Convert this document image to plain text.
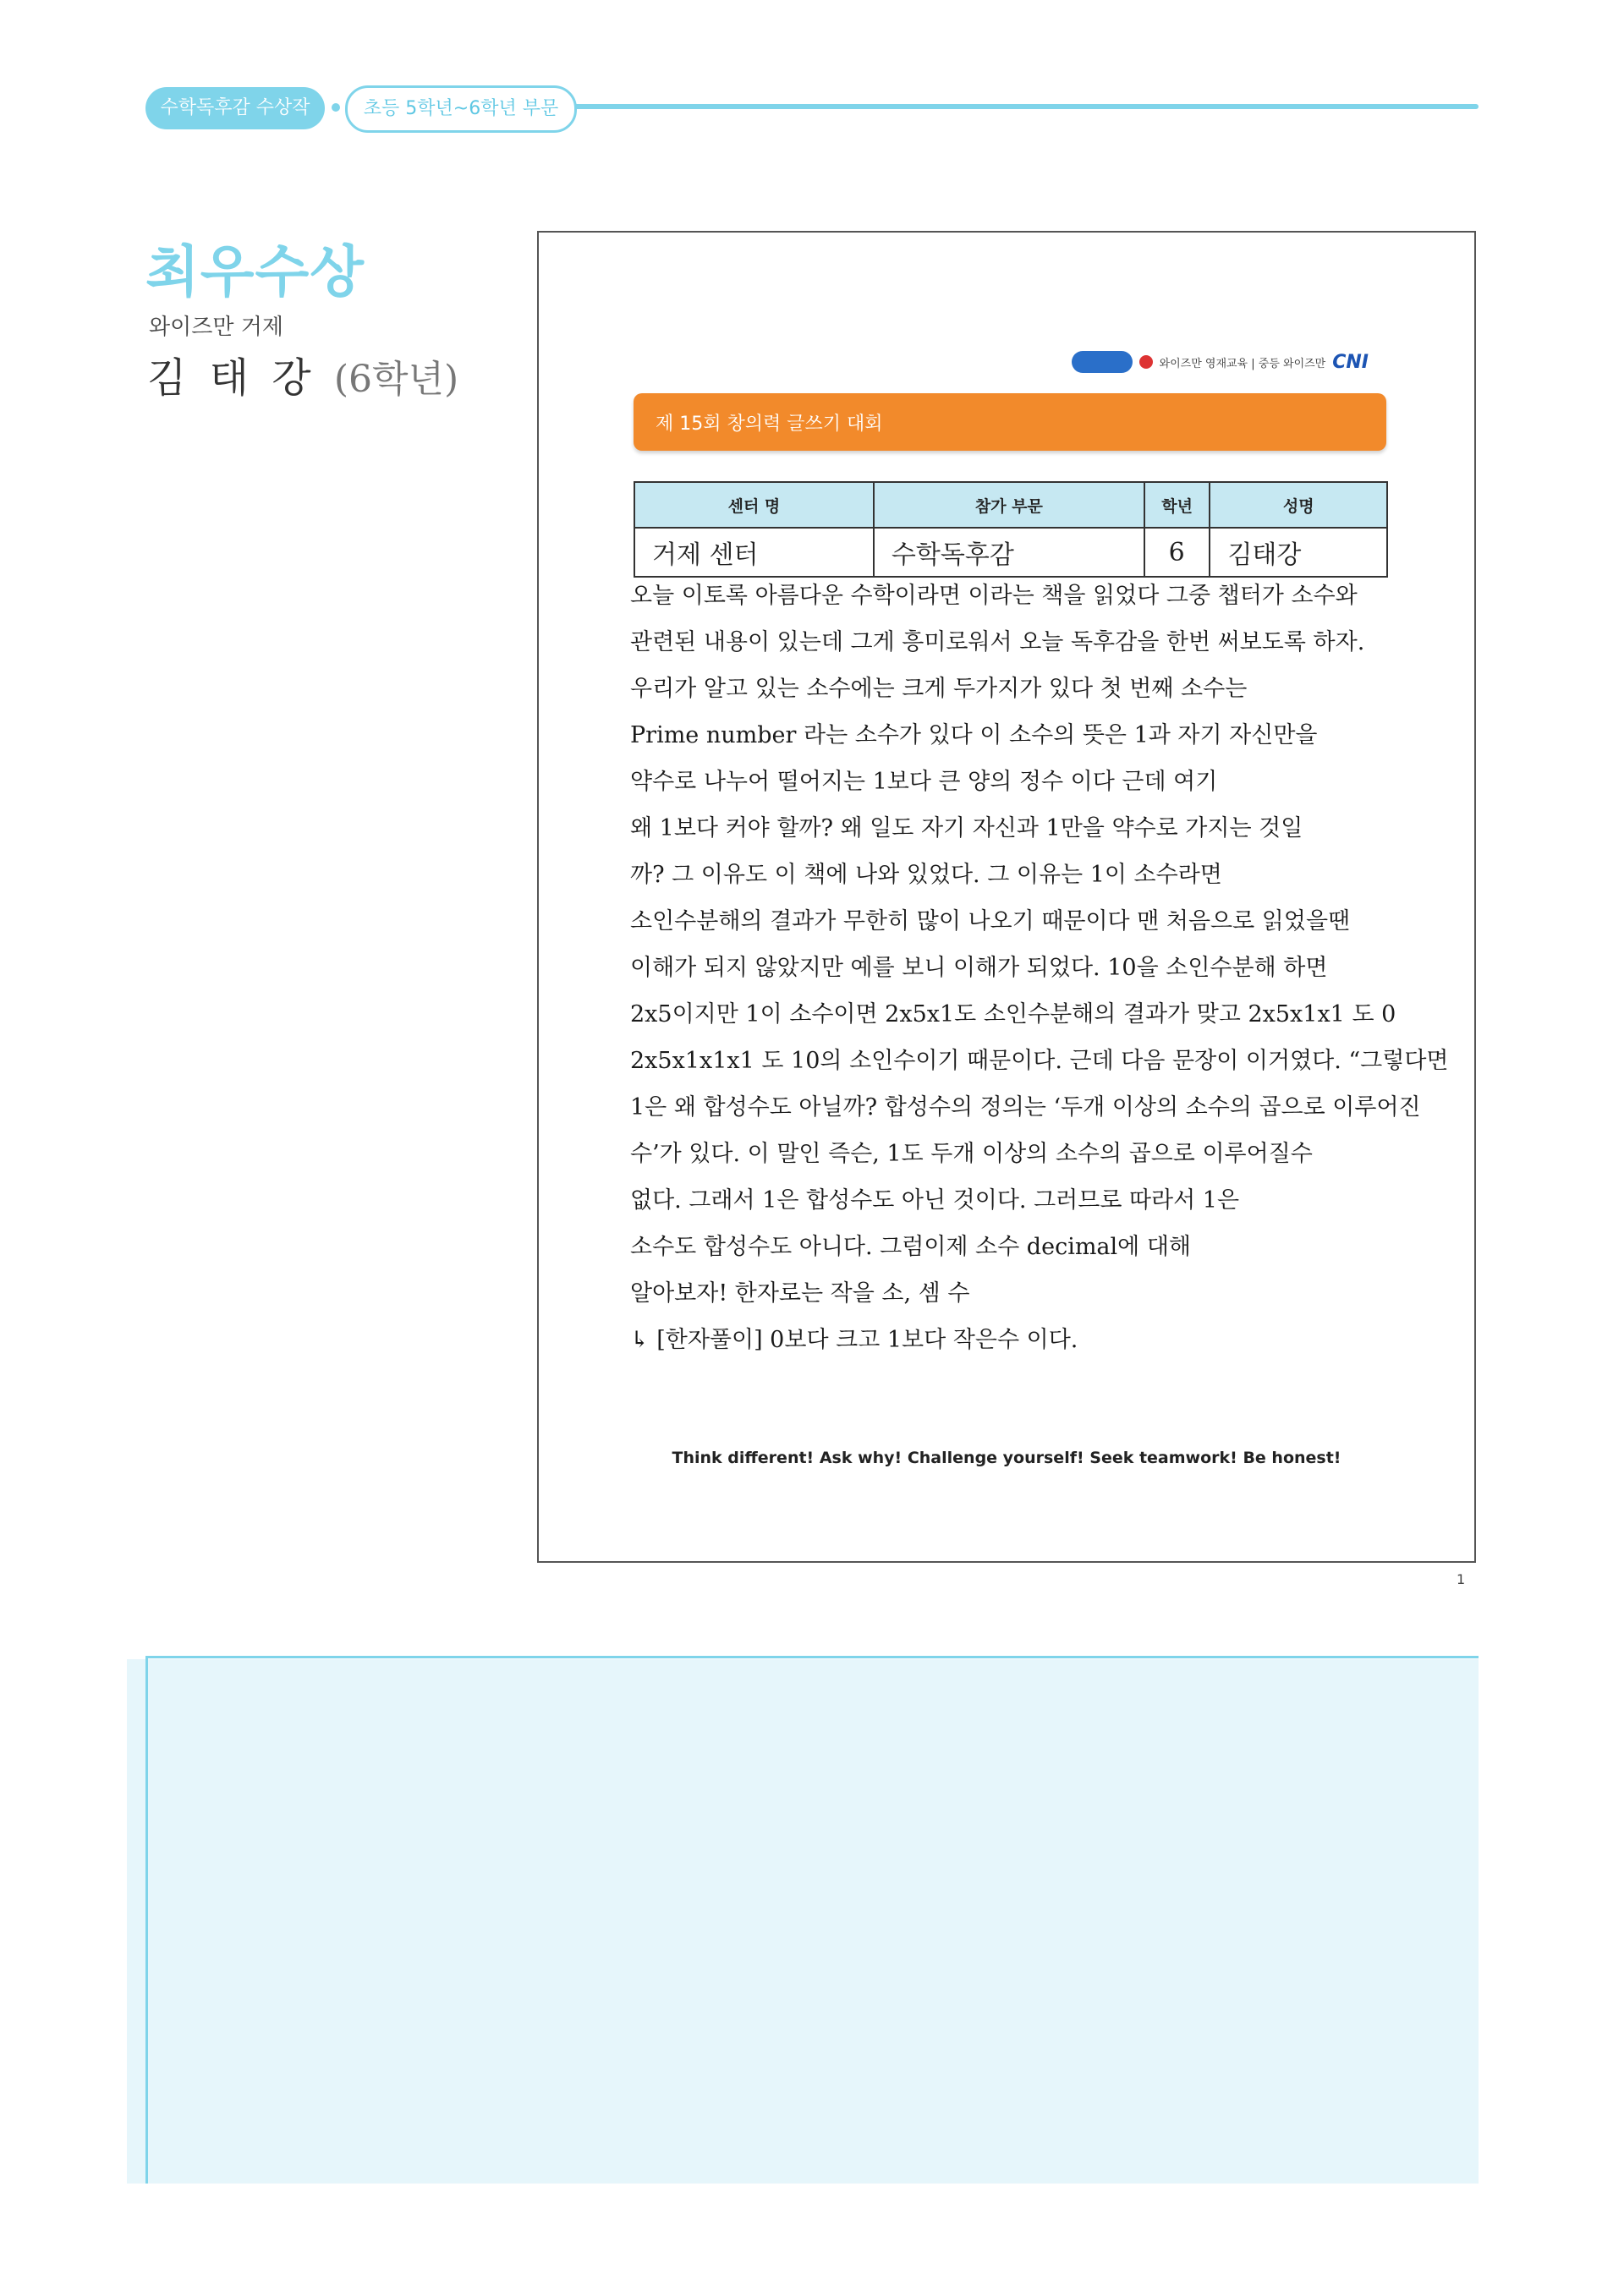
수학독후감 수상작	초등 5학년~6학년 부문
최우수상
와이즈만 거제
김 태 강 (6학년)	와이즈만 영재교육 | 중등 와이즈만 CNI
제 15회 창의력 글쓰기 대회
센터 명	참가 부문	학년	성명
거제 센터	수학독후감	6	김태강
오늘 이토록 아름다운 수학이라면 이라는 책을 읽었다 그중 챕터가 소수와
관련된 내용이 있는데 그게 흥미로워서 오늘 독후감을 한번 써보도록 하자.
우리가 알고 있는 소수에는 크게 두가지가 있다 첫 번째 소수는
Prime number 라는 소수가 있다 이 소수의 뜻은 1과 자기 자신만을
약수로 나누어 떨어지는 1보다 큰 양의 정수 이다 근데 여기
왜 1보다 커야 할까? 왜 일도 자기 자신과 1만을 약수로 가지는 것일
까? 그 이유도 이 책에 나와 있었다. 그 이유는 1이 소수라면
소인수분해의 결과가 무한히 많이 나오기 때문이다 맨 처음으로 읽었을땐
이해가 되지 않았지만 예를 보니 이해가 되었다. 10을 소인수분해 하면
2x5이지만 1이 소수이면 2x5x1도 소인수분해의 결과가 맞고 2x5x1x1 도 0
2x5x1x1x1 도 10의 소인수이기 때문이다. 근데 다음 문장이 이거였다. “그렇다면
1은 왜 합성수도 아닐까? 합성수의 정의는 ‘두개 이상의 소수의 곱으로 이루어진
수’가 있다. 이 말인 즉슨, 1도 두개 이상의 소수의 곱으로 이루어질수
없다. 그래서 1은 합성수도 아닌 것이다. 그러므로 따라서 1은
소수도 합성수도 아니다. 그럼이제 소수 decimal에 대해
알아보자! 한자로는 작을 소, 셈 수
↳ [한자풀이] 0보다 크고 1보다 작은수 이다.
Think different! Ask why! Challenge yourself! Seek teamwork! Be honest!
1
